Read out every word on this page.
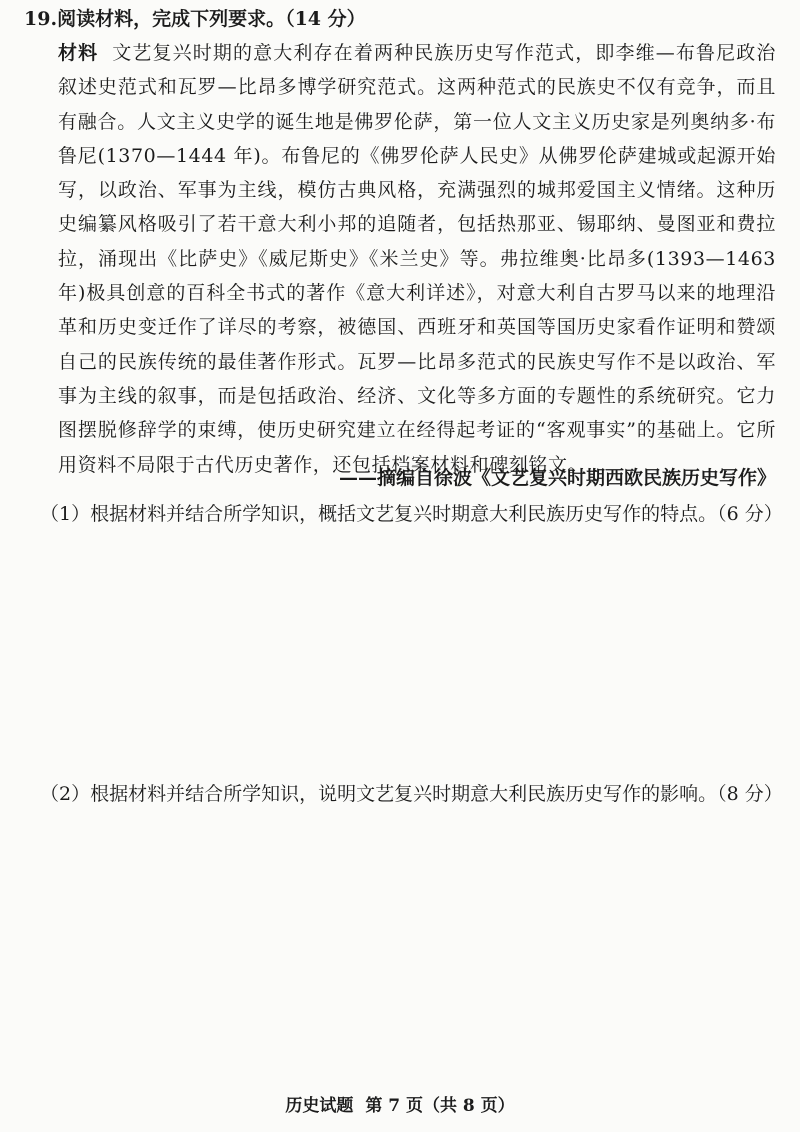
19.阅读材料，完成下列要求。（14 分）

材料 文艺复兴时期的意大利存在着两种民族历史写作范式，即李维—布鲁尼政治叙述史范式和瓦罗—比昂多博学研究范式。这两种范式的民族史不仅有竞争，而且有融合。人文主义史学的诞生地是佛罗伦萨，第一位人文主义历史家是列奥纳多·布鲁尼(1370—1444 年)。布鲁尼的《佛罗伦萨人民史》从佛罗伦萨建城或起源开始写，以政治、军事为主线，模仿古典风格，充满强烈的城邦爱国主义情绪。这种历史编纂风格吸引了若干意大利小邦的追随者，包括热那亚、锡耶纳、曼图亚和费拉拉，涌现出《比萨史》《威尼斯史》《米兰史》等。弗拉维奥·比昂多(1393—1463 年)极具创意的百科全书式的著作《意大利详述》，对意大利自古罗马以来的地理沿革和历史变迁作了详尽的考察，被德国、西班牙和英国等国历史家看作证明和赞颂自己的民族传统的最佳著作形式。瓦罗—比昂多范式的民族史写作不是以政治、军事为主线的叙事，而是包括政治、经济、文化等多方面的专题性的系统研究。它力图摆脱修辞学的束缚，使历史研究建立在经得起考证的“客观事实”的基础上。它所用资料不局限于古代历史著作，还包括档案材料和碑刻铭文。

——摘编自徐波《文艺复兴时期西欧民族历史写作》
（1）根据材料并结合所学知识，概括文艺复兴时期意大利民族历史写作的特点。（6 分）
（2）根据材料并结合所学知识，说明文艺复兴时期意大利民族历史写作的影响。（8 分）
历史试题 第 7 页（共 8 页）
